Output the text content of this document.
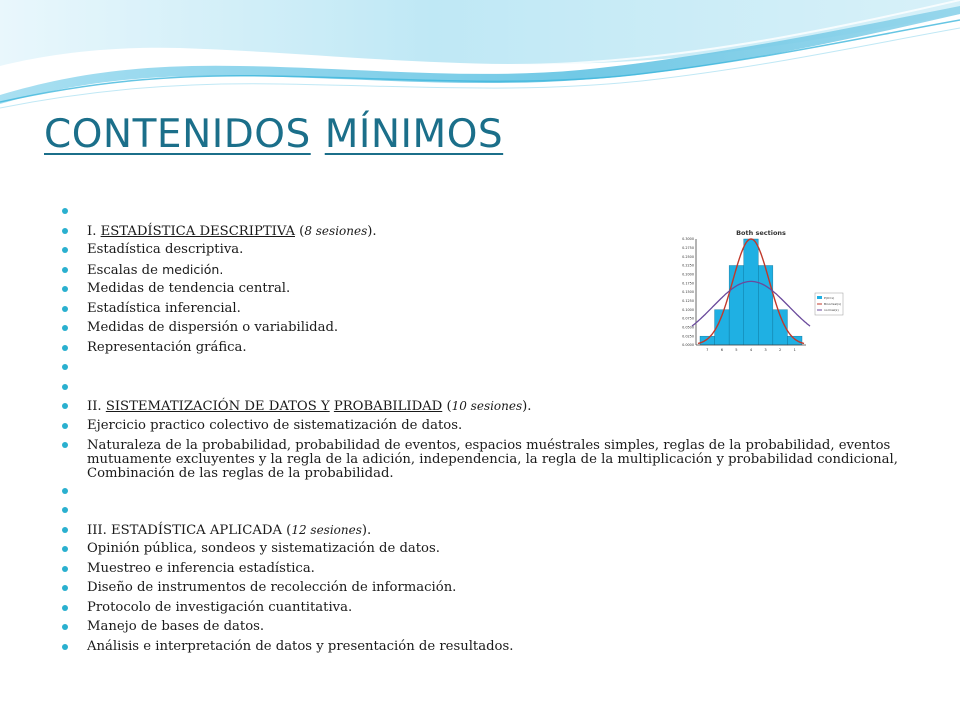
CONTENIDOS MÍNIMOS
I. ESTADÍSTICA DESCRIPTIVA (8 sesiones).
Estadística descriptiva.
Escalas de medición.
Medidas de tendencia central.
Estadística inferencial.
Medidas de dispersión o variabilidad.
Representación gráfica.
II. SISTEMATIZACIÓN DE DATOS Y PROBABILIDAD (10 sesiones).
Ejercicio practico colectivo de sistematización de datos.
Naturaleza de la probabilidad, probabilidad de eventos, espacios muéstrales simples, reglas de la probabilidad, eventos mutuamente excluyentes y la regla de la adición, independencia, la regla de la multiplicación y probabilidad condicional, Combinación de las reglas de la probabilidad.
III. ESTADÍSTICA APLICADA (12 sesiones).
Opinión pública, sondeos y sistematización de datos.
Muestreo e inferencia estadística.
Diseño de instrumentos de recolección de información.
Protocolo de investigación cuantitativa.
Manejo de bases de datos.
Análisis e interpretación de datos y presentación de resultados.
Both sections
0.3000
0.2750
0.2500
0.2250
0.2000
0.1750
0.1500
0.1250
0.1000
0.0750
0.0500
0.0250
0.0000
7	6	5	4	3	2	1
P(0=x)
Binomial(x)
normal(x)
